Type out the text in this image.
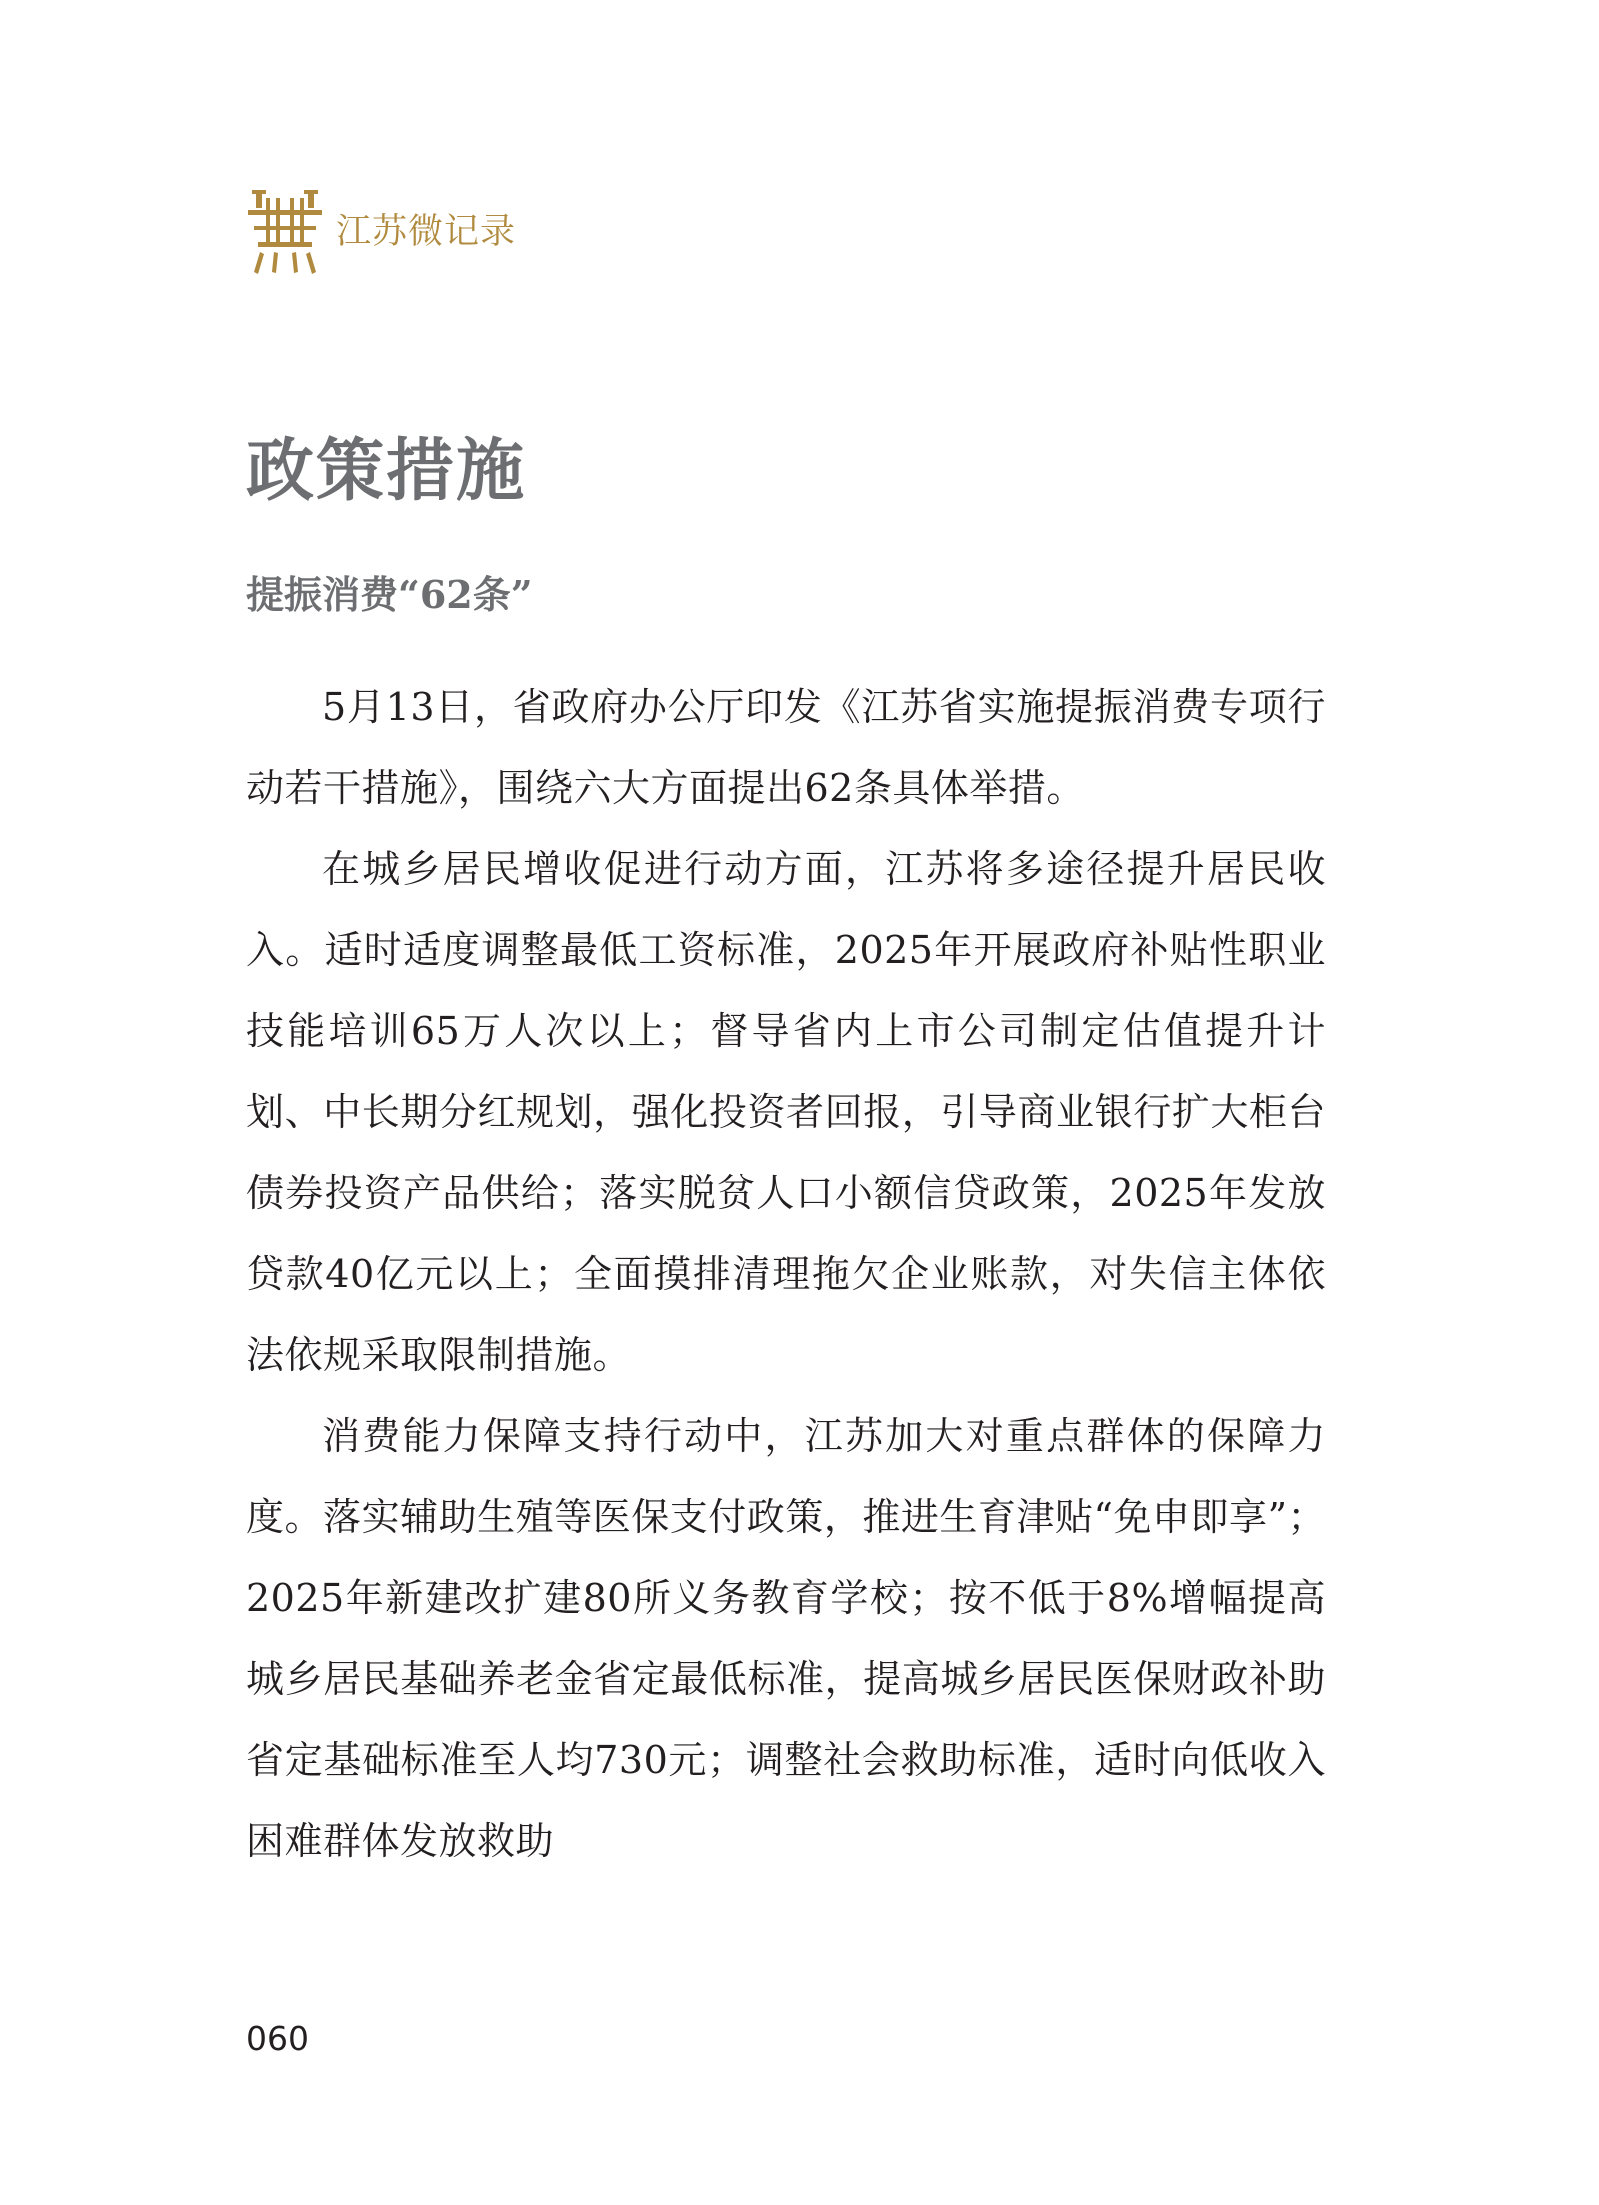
江苏微记录
政策措施
提振消费“62条”

5月13日，省政府办公厅印发《江苏省实施提振消费专项行动若干措施》，围绕六大方面提出62条具体举措。

在城乡居民增收促进行动方面，江苏将多途径提升居民收入。适时适度调整最低工资标准，2025年开展政府补贴性职业技能培训65万人次以上；督导省内上市公司制定估值提升计划、中长期分红规划，强化投资者回报，引导商业银行扩大柜台债券投资产品供给；落实脱贫人口小额信贷政策，2025年发放贷款40亿元以上；全面摸排清理拖欠企业账款，对失信主体依法依规采取限制措施。

消费能力保障支持行动中，江苏加大对重点群体的保障力度。落实辅助生殖等医保支付政策，推进生育津贴“免申即享”；2025年新建改扩建80所义务教育学校；按不低于8%增幅提高城乡居民基础养老金省定最低标准，提高城乡居民医保财政补助省定基础标准至人均730元；调整社会救助标准，适时向低收入困难群体发放救助

060
